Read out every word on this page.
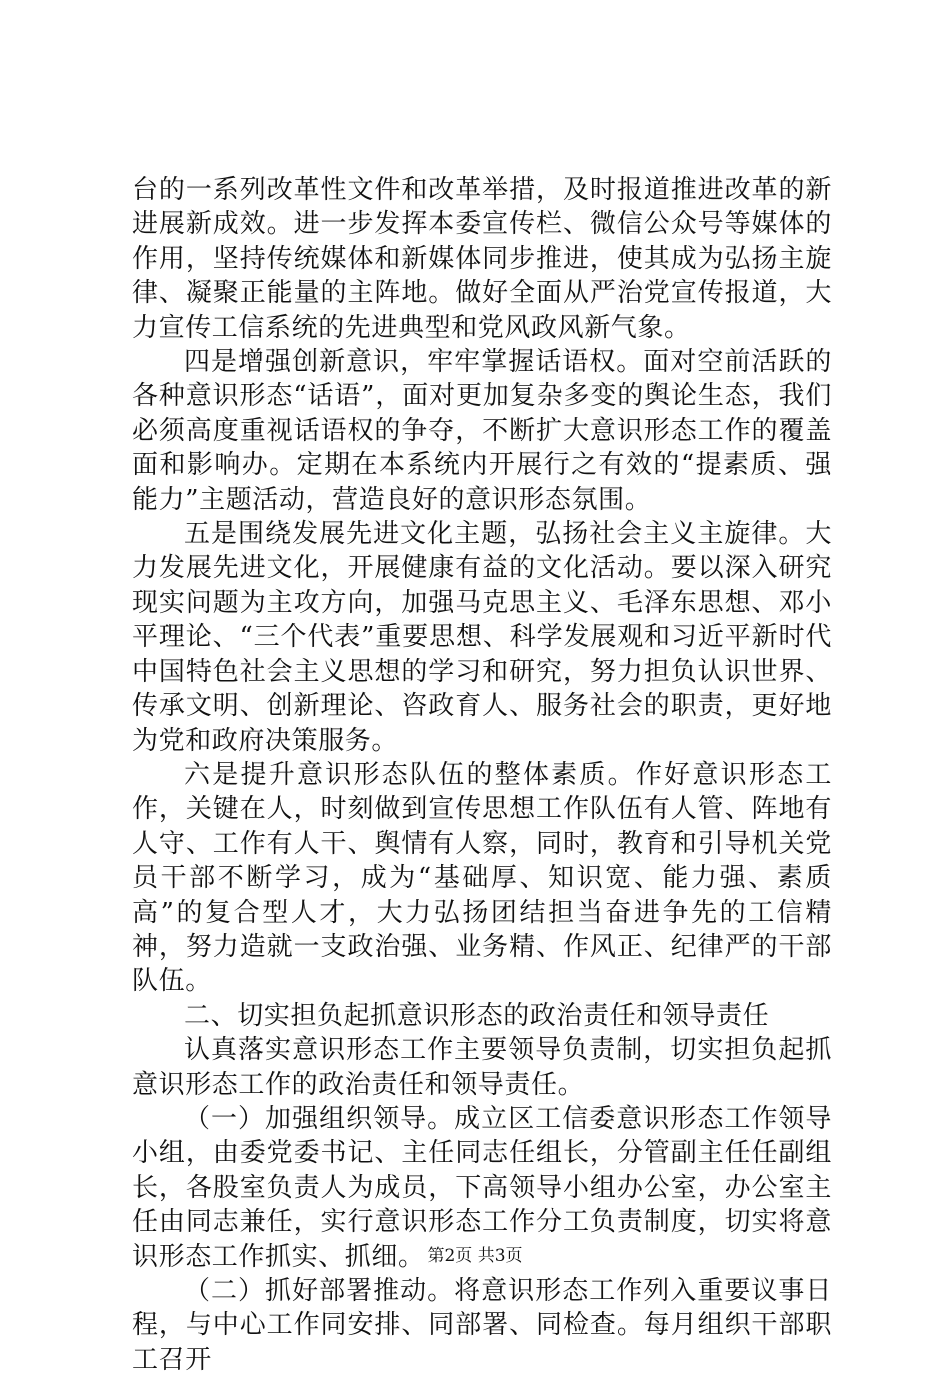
台的一系列改革性文件和改革举措，及时报道推进改革的新进展新成效。进一步发挥本委宣传栏、微信公众号等媒体的作用，坚持传统媒体和新媒体同步推进，使其成为弘扬主旋律、凝聚正能量的主阵地。做好全面从严治党宣传报道，大力宣传工信系统的先进典型和党风政风新气象。

四是增强创新意识，牢牢掌握话语权。面对空前活跃的各种意识形态“话语”，面对更加复杂多变的舆论生态，我们必须高度重视话语权的争夺，不断扩大意识形态工作的覆盖面和影响办。定期在本系统内开展行之有效的“提素质、强能力”主题活动，营造良好的意识形态氛围。

五是围绕发展先进文化主题，弘扬社会主义主旋律。大力发展先进文化，开展健康有益的文化活动。要以深入研究现实问题为主攻方向，加强马克思主义、毛泽东思想、邓小平理论、“三个代表”重要思想、科学发展观和习近平新时代中国特色社会主义思想的学习和研究，努力担负认识世界、传承文明、创新理论、咨政育人、服务社会的职责，更好地为党和政府决策服务。

六是提升意识形态队伍的整体素质。作好意识形态工作，关键在人，时刻做到宣传思想工作队伍有人管、阵地有人守、工作有人干、舆情有人察，同时，教育和引导机关党员干部不断学习，成为“基础厚、知识宽、能力强、素质高”的复合型人才，大力弘扬团结担当奋进争先的工信精神，努力造就一支政治强、业务精、作风正、纪律严的干部队伍。

二、切实担负起抓意识形态的政治责任和领导责任

认真落实意识形态工作主要领导负责制，切实担负起抓意识形态工作的政治责任和领导责任。

（一）加强组织领导。成立区工信委意识形态工作领导小组，由委党委书记、主任同志任组长，分管副主任任副组长，各股室负责人为成员，下高领导小组办公室，办公室主任由同志兼任，实行意识形态工作分工负责制度，切实将意识形态工作抓实、抓细。

（二）抓好部署推动。将意识形态工作列入重要议事日程，与中心工作同安排、同部署、同检查。每月组织干部职工召开

第2页 共3页
